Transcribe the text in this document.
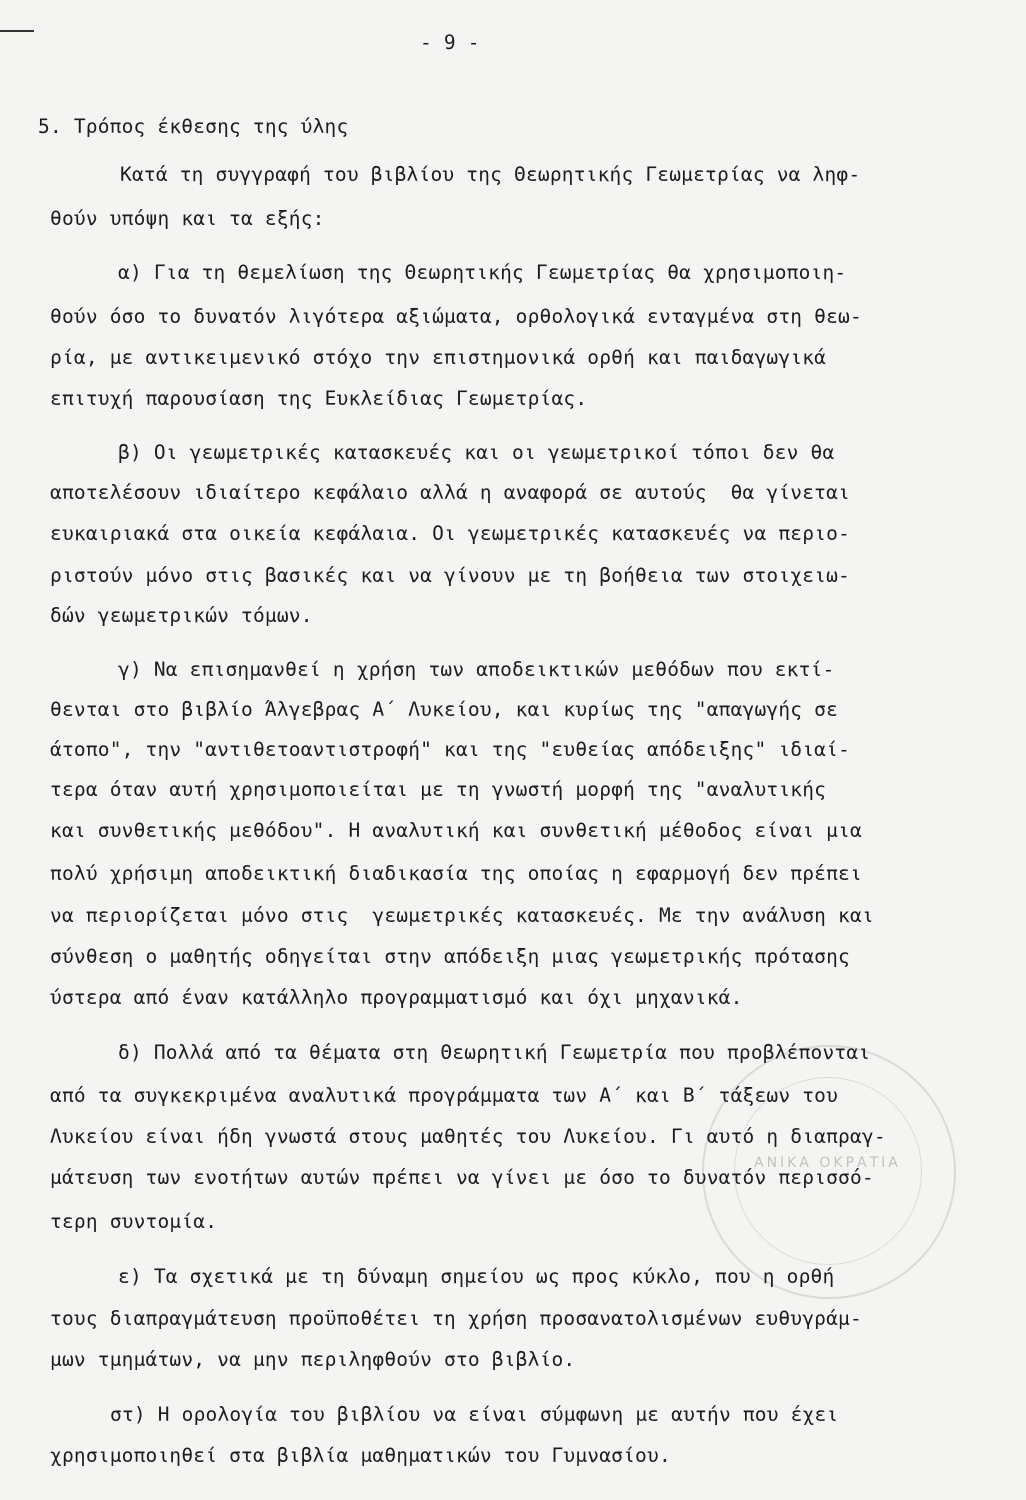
ΑΝΙΚΑ ΟΚΡΑΤΙΑ
- 9 -
5. Τρόπος έκθεσης της ύλης
Κατά τη συγγραφή του βιβλίου της Θεωρητικής Γεωμετρίας να ληφ-
θούν υπόψη και τα εξής:
α) Για τη θεμελίωση της Θεωρητικής Γεωμετρίας θα χρησιμοποιη-
θούν όσο το δυνατόν λιγότερα αξιώματα, ορθολογικά ενταγμένα στη θεω-
ρία, με αντικειμενικό στόχο την επιστημονικά ορθή και παιδαγωγικά
επιτυχή παρουσίαση της Ευκλείδιας Γεωμετρίας.
β) Οι γεωμετρικές κατασκευές και οι γεωμετρικοί τόποι δεν θα
αποτελέσουν ιδιαίτερο κεφάλαιο αλλά η αναφορά σε αυτούς  θα γίνεται
ευκαιριακά στα οικεία κεφάλαια. Οι γεωμετρικές κατασκευές να περιο-
ριστούν μόνο στις βασικές και να γίνουν με τη βοήθεια των στοιχειω-
δών γεωμετρικών τόμων.
γ) Να επισημανθεί η χρήση των αποδεικτικών μεθόδων που εκτί-
θενται στο βιβλίο Άλγεβρας Α΄ Λυκείου, και κυρίως της "απαγωγής σε
άτοπο", την "αντιθετοαντιστροφή" και της "ευθείας απόδειξης" ιδιαί-
τερα όταν αυτή χρησιμοποιείται με τη γνωστή μορφή της "αναλυτικής
και συνθετικής μεθόδου". Η αναλυτική και συνθετική μέθοδος είναι μια
πολύ χρήσιμη αποδεικτική διαδικασία της οποίας η εφαρμογή δεν πρέπει
να περιορίζεται μόνο στις  γεωμετρικές κατασκευές. Με την ανάλυση και
σύνθεση ο μαθητής οδηγείται στην απόδειξη μιας γεωμετρικής πρότασης
ύστερα από έναν κατάλληλο προγραμματισμό και όχι μηχανικά.
δ) Πολλά από τα θέματα στη Θεωρητική Γεωμετρία που προβλέπονται
από τα συγκεκριμένα αναλυτικά προγράμματα των Α΄ και Β΄ τάξεων του
Λυκείου είναι ήδη γνωστά στους μαθητές του Λυκείου. Γι αυτό η διαπραγ-
μάτευση των ενοτήτων αυτών πρέπει να γίνει με όσο το δυνατόν περισσό-
τερη συντομία.
ε) Τα σχετικά με τη δύναμη σημείου ως προς κύκλο, που η ορθή
τους διαπραγμάτευση προϋποθέτει τη χρήση προσανατολισμένων ευθυγράμ-
μων τμημάτων, να μην περιληφθούν στο βιβλίο.
στ) Η ορολογία του βιβλίου να είναι σύμφωνη με αυτήν που έχει
χρησιμοποιηθεί στα βιβλία μαθηματικών του Γυμνασίου.
